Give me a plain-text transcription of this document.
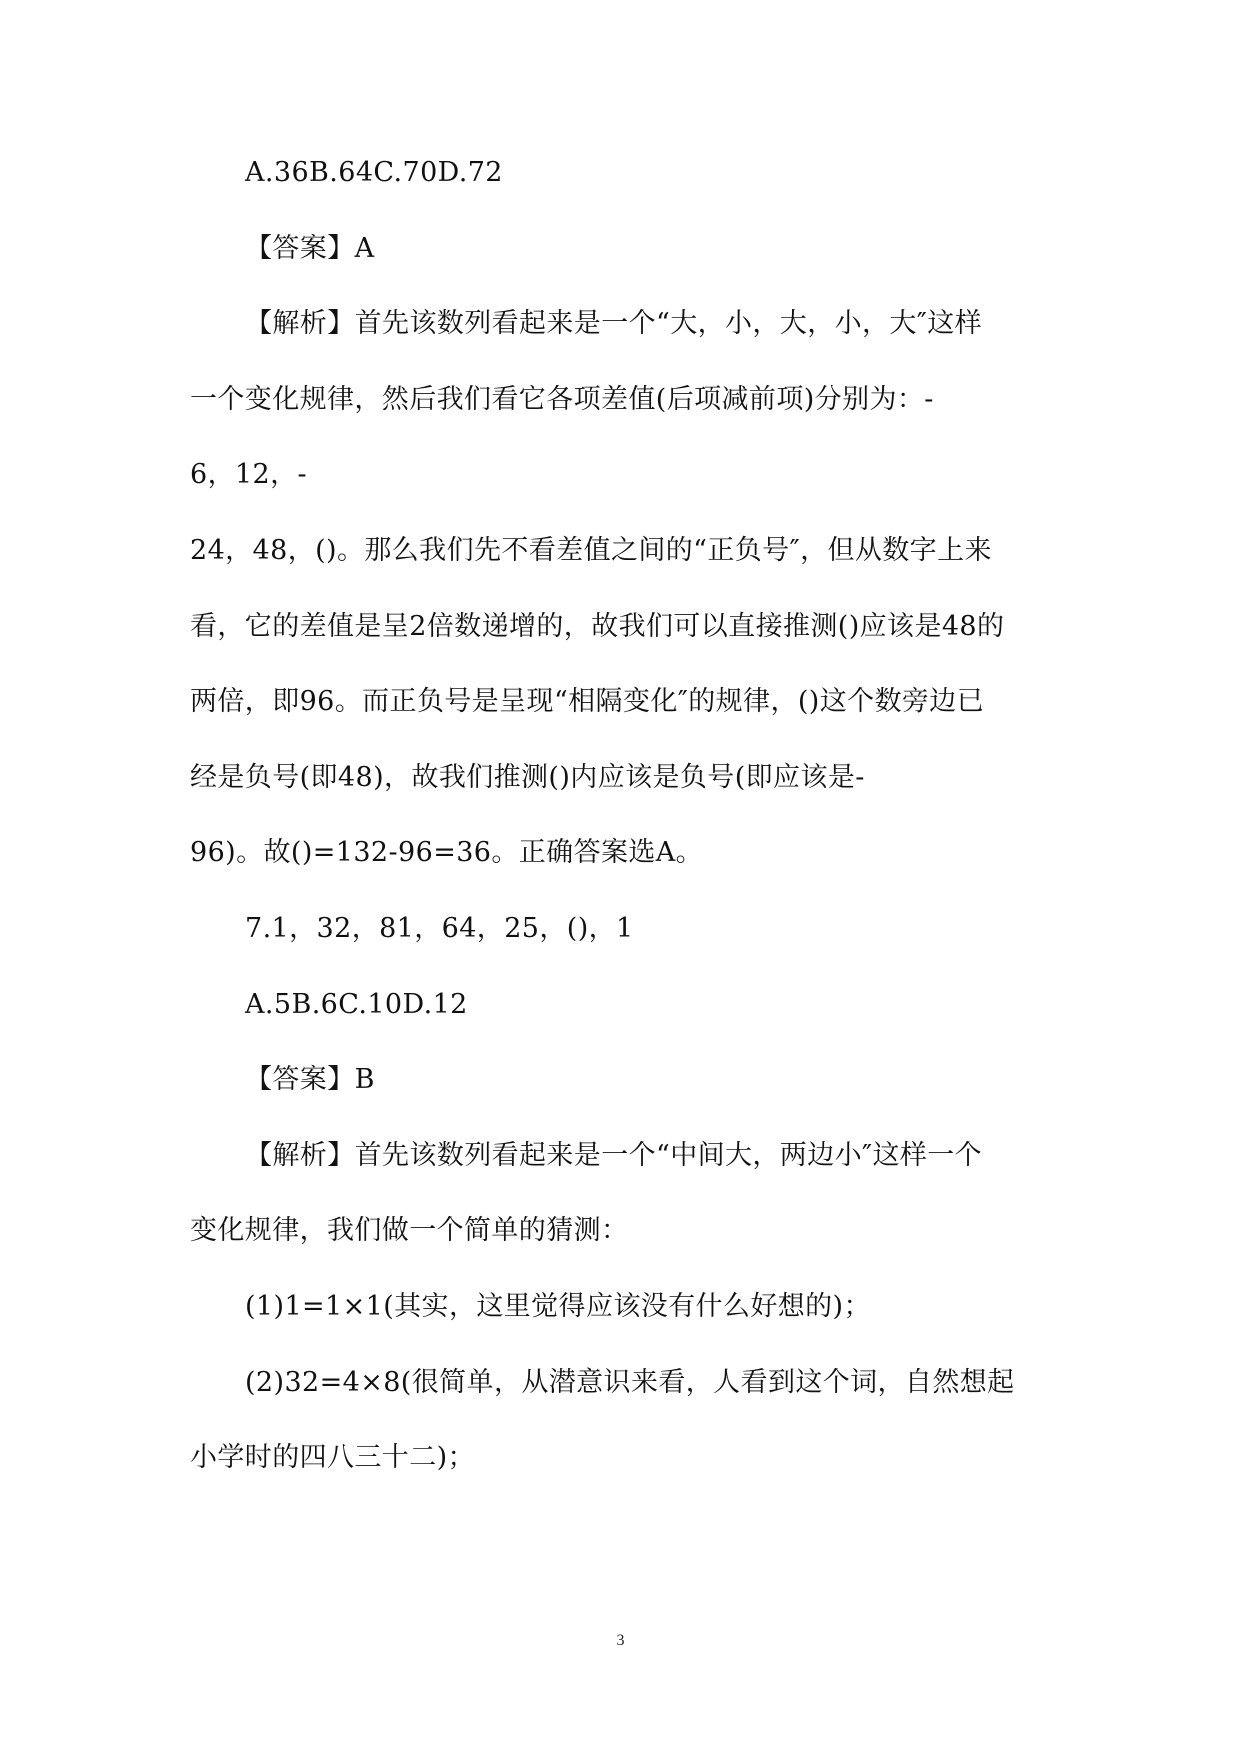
A.36B.64C.70D.72
【答案】A
【解析】首先该数列看起来是一个“大，小，大，小，大″这样
一个变化规律，然后我们看它各项差值(后项减前项)分别为：-
6，12，-
24，48，()。那么我们先不看差值之间的“正负号″，但从数字上来
看，它的差值是呈2倍数递增的，故我们可以直接推测()应该是48的
两倍，即96。而正负号是呈现“相隔变化″的规律，()这个数旁边已
经是负号(即48)，故我们推测()内应该是负号(即应该是-
96)。故()=132-96=36。正确答案选A。
7.1，32，81，64，25，()，1
A.5B.6C.10D.12
【答案】B
【解析】首先该数列看起来是一个“中间大，两边小″这样一个
变化规律，我们做一个简单的猜测：
(1)1=1×1(其实，这里觉得应该没有什么好想的)；
(2)32=4×8(很简单，从潜意识来看，人看到这个词，自然想起
小学时的四八三十二)；
3
